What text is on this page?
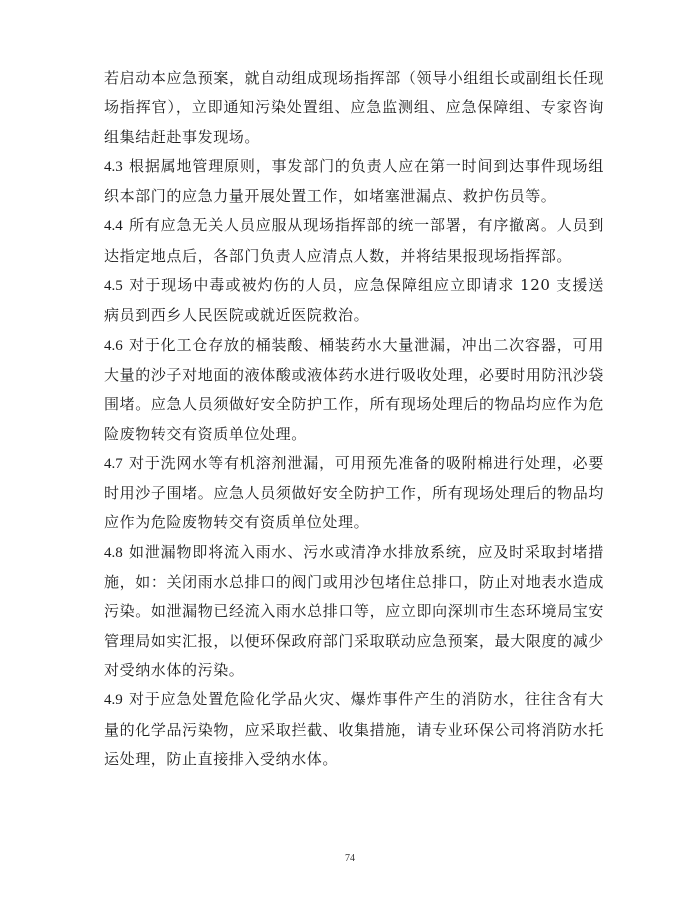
若启动本应急预案，就自动组成现场指挥部（领导小组组长或副组长任现场指挥官），立即通知污染处置组、应急监测组、应急保障组、专家咨询组集结赶赴事发现场。

4.3 根据属地管理原则，事发部门的负责人应在第一时间到达事件现场组织本部门的应急力量开展处置工作，如堵塞泄漏点、救护伤员等。

4.4 所有应急无关人员应服从现场指挥部的统一部署，有序撤离。人员到达指定地点后，各部门负责人应清点人数，并将结果报现场指挥部。

4.5 对于现场中毒或被灼伤的人员，应急保障组应立即请求 120 支援送病员到西乡人民医院或就近医院救治。

4.6 对于化工仓存放的桶装酸、桶装药水大量泄漏，冲出二次容器，可用大量的沙子对地面的液体酸或液体药水进行吸收处理，必要时用防汛沙袋围堵。应急人员须做好安全防护工作，所有现场处理后的物品均应作为危险废物转交有资质单位处理。

4.7 对于洗网水等有机溶剂泄漏，可用预先准备的吸附棉进行处理，必要时用沙子围堵。应急人员须做好安全防护工作，所有现场处理后的物品均应作为危险废物转交有资质单位处理。

4.8 如泄漏物即将流入雨水、污水或清净水排放系统，应及时采取封堵措施，如：关闭雨水总排口的阀门或用沙包堵住总排口，防止对地表水造成污染。如泄漏物已经流入雨水总排口等，应立即向深圳市生态环境局宝安管理局如实汇报，以便环保政府部门采取联动应急预案，最大限度的减少对受纳水体的污染。

4.9 对于应急处置危险化学品火灾、爆炸事件产生的消防水，往往含有大量的化学品污染物，应采取拦截、收集措施，请专业环保公司将消防水托运处理，防止直接排入受纳水体。

74
